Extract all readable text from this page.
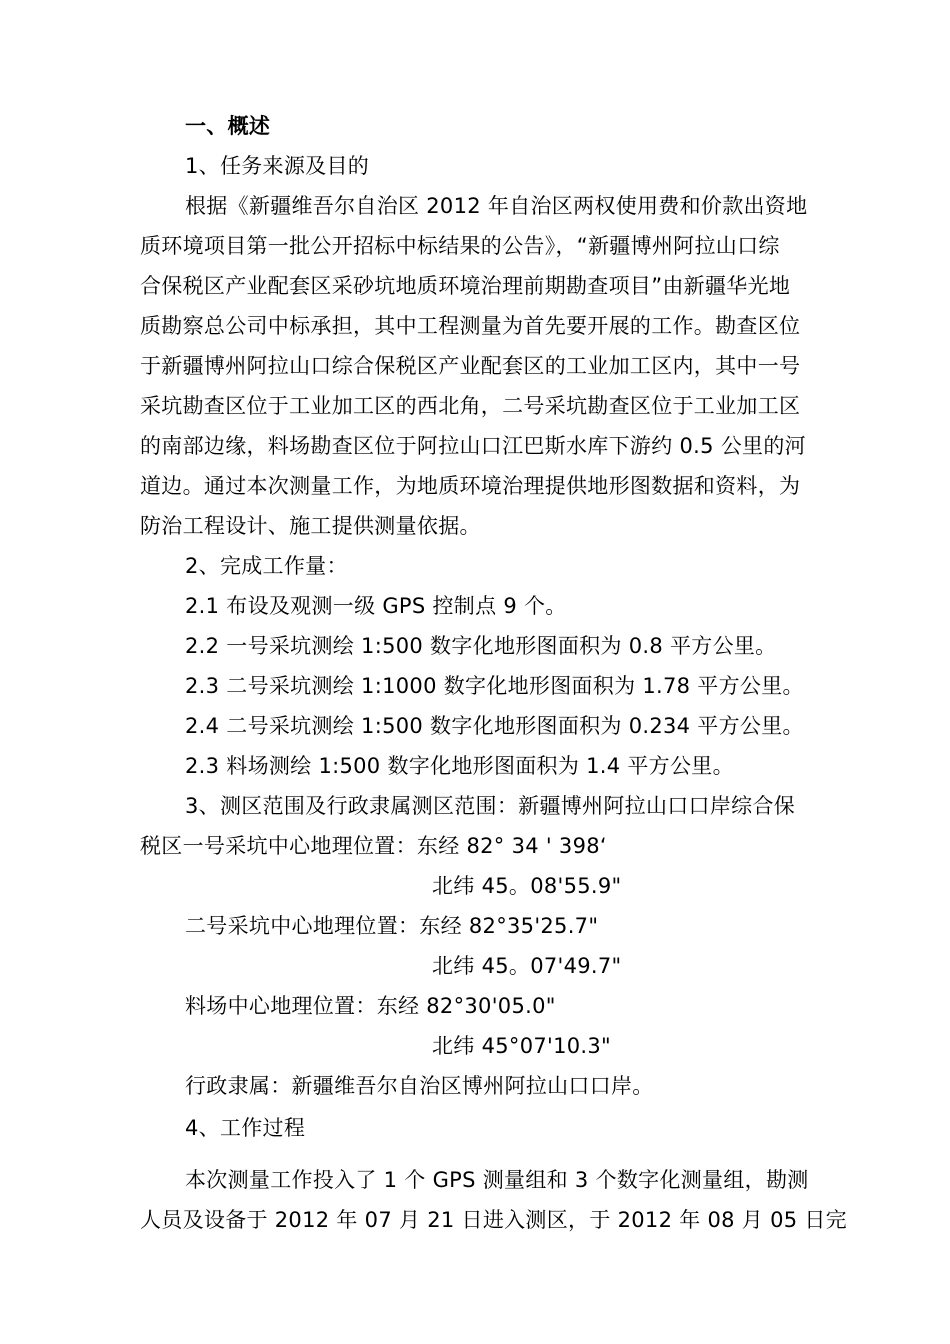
一、概述
1、任务来源及目的
根据《新疆维吾尔自治区 2012 年自治区两权使用费和价款出资地
质环境项目第一批公开招标中标结果的公告》，“新疆博州阿拉山口综
合保税区产业配套区采砂坑地质环境治理前期勘查项目”由新疆华光地
质勘察总公司中标承担，其中工程测量为首先要开展的工作。勘查区位
于新疆博州阿拉山口综合保税区产业配套区的工业加工区内，其中一号
采坑勘查区位于工业加工区的西北角，二号采坑勘查区位于工业加工区
的南部边缘，料场勘查区位于阿拉山口江巴斯水库下游约 0.5 公里的河
道边。通过本次测量工作，为地质环境治理提供地形图数据和资料，为
防治工程设计、施工提供测量依据。
2、完成工作量：
2.1 布设及观测一级 GPS 控制点 9 个。
2.2 一号采坑测绘 1:500 数字化地形图面积为 0.8 平方公里。
2.3 二号采坑测绘 1:1000 数字化地形图面积为 1.78 平方公里。
2.4 二号采坑测绘 1:500 数字化地形图面积为 0.234 平方公里。
2.3 料场测绘 1:500 数字化地形图面积为 1.4 平方公里。
3、测区范围及行政隶属测区范围：新疆博州阿拉山口口岸综合保
税区一号采坑中心地理位置：东经 82° 34 ' 398‘
北纬 45。08'55.9"
二号采坑中心地理位置：东经 82°35'25.7"
北纬 45。07'49.7"
料场中心地理位置：东经 82°30'05.0"
北纬 45°07'10.3"
行政隶属：新疆维吾尔自治区博州阿拉山口口岸。
4、工作过程
本次测量工作投入了 1 个 GPS 测量组和 3 个数字化测量组，勘测
人员及设备于 2012 年 07 月 21 日进入测区，于 2012 年 08 月 05 日完
